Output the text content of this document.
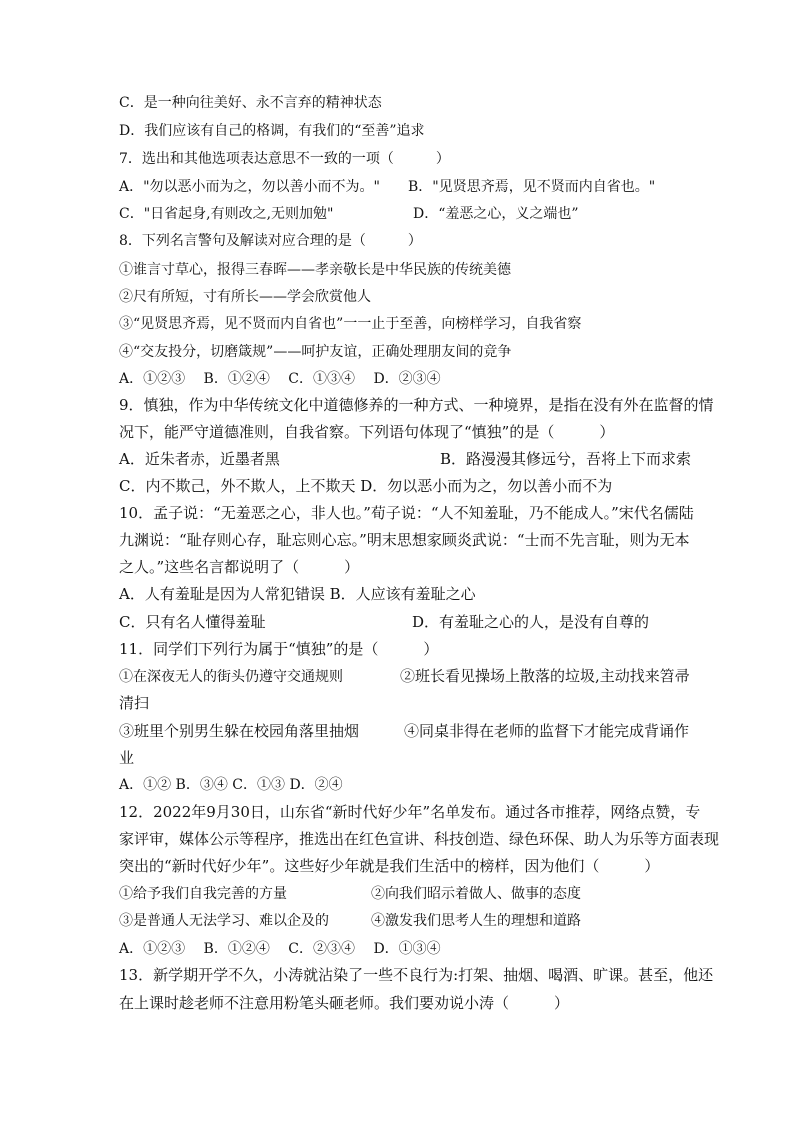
C．是一种向往美好、永不言弃的精神状态
D．我们应该有自己的格调，有我们的“至善”追求
7．选出和其他选项表达意思不一致的一项（　　　）
A．"勿以恶小而为之，勿以善小而不为。" B．"见贤思齐焉，见不贤而内自省也。"
C．"日省起身,有则改之,无则加勉"	D．“羞恶之心，义之端也”
8．下列名言警句及解读对应合理的是（　　　）
①谁言寸草心，报得三春晖——孝亲敬长是中华民族的传统美德
②尺有所短，寸有所长——学会欣赏他人
③“见贤思齐焉，见不贤而内自省也”一一止于至善，向榜样学习，自我省察
④“交友投分，切磨箴规”——呵护友谊，正确处理朋友间的竞争
A．①②③　 B．①②④　 C．①③④　 D．②③④
9．慎独，作为中华传统文化中道德修养的一种方式、一种境界，是指在没有外在监督的情
况下，能严守道德准则，自我省察。下列语句体现了“慎独”的是（　　　）
A．近朱者赤，近墨者黑	B．路漫漫其修远兮，吾将上下而求索
C．内不欺己，外不欺人，上不欺天 D．勿以恶小而为之，勿以善小而不为
10．孟子说：“无羞恶之心，非人也。”荀子说：“人不知羞耻，乃不能成人。”宋代名儒陆
九渊说：“耻存则心存，耻忘则心忘。”明末思想家顾炎武说：“士而不先言耻，则为无本
之人。”这些名言都说明了（　　　）
A．人有羞耻是因为人常犯错误 B．人应该有羞耻之心
C．只有名人懂得羞耻	D．有羞耻之心的人，是没有自尊的
11．同学们下列行为属于“慎独”的是（　　　）
①在深夜无人的街头仍遵守交通规则	②班长看见操场上散落的垃圾,主动找来笤帚
清扫
③班里个别男生躲在校园角落里抽烟	④同桌非得在老师的监督下才能完成背诵作
业
A．①② B．③④ C．①③ D．②④
12．2022年9月30日，山东省“新时代好少年”名单发布。通过各市推荐，网络点赞，专
家评审，媒体公示等程序，推选出在红色宣讲、科技创造、绿色环保、助人为乐等方面表现
突出的“新时代好少年”。这些好少年就是我们生活中的榜样，因为他们（　　　）
①给予我们自我完善的方量	②向我们昭示着做人、做事的态度
③是普通人无法学习、难以企及的	④激发我们思考人生的理想和道路
A．①②③　 B．①②④　 C．②③④　 D．①③④
13．新学期开学不久，小涛就沾染了一些不良行为:打架、抽烟、喝酒、旷课。甚至，他还
在上课时趁老师不注意用粉笔头砸老师。我们要劝说小涛（　　　）
